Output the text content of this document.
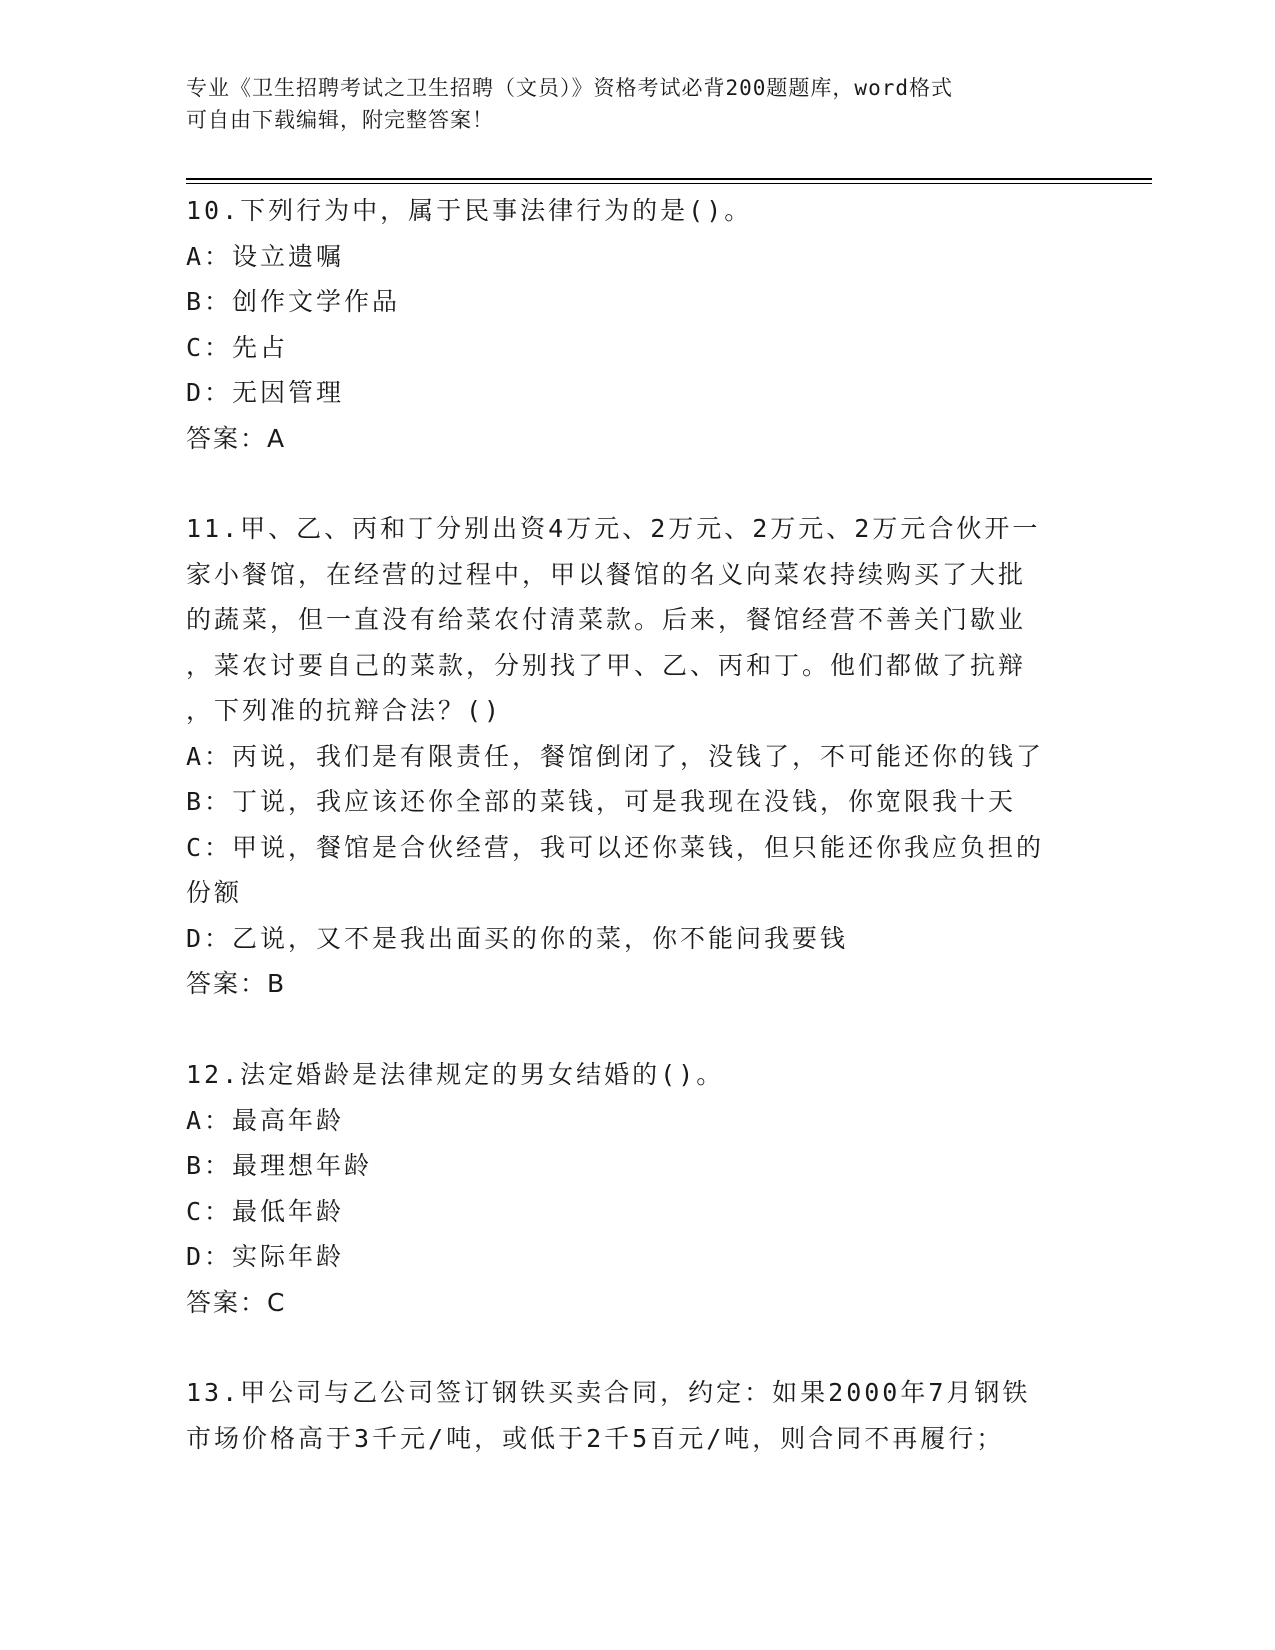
专业《卫生招聘考试之卫生招聘（文员）》资格考试必背200题题库，word格式
可自由下载编辑，附完整答案！
10.下列行为中，属于民事法律行为的是()。
A：设立遗嘱
B：创作文学作品
C：先占
D：无因管理
答案：A
11.甲、乙、丙和丁分别出资4万元、2万元、2万元、2万元合伙开一
家小餐馆，在经营的过程中，甲以餐馆的名义向菜农持续购买了大批
的蔬菜，但一直没有给菜农付清菜款。后来，餐馆经营不善关门歇业
，菜农讨要自己的菜款，分别找了甲、乙、丙和丁。他们都做了抗辩
，下列准的抗辩合法？()
A：丙说，我们是有限责任，餐馆倒闭了，没钱了，不可能还你的钱了
B：丁说，我应该还你全部的菜钱，可是我现在没钱，你宽限我十天
C：甲说，餐馆是合伙经营，我可以还你菜钱，但只能还你我应负担的
份额
D：乙说，又不是我出面买的你的菜，你不能问我要钱
答案：B
12.法定婚龄是法律规定的男女结婚的()。
A：最高年龄
B：最理想年龄
C：最低年龄
D：实际年龄
答案：C
13.甲公司与乙公司签订钢铁买卖合同，约定：如果2000年7月钢铁
市场价格高于3千元/吨，或低于2千5百元/吨，则合同不再履行；
